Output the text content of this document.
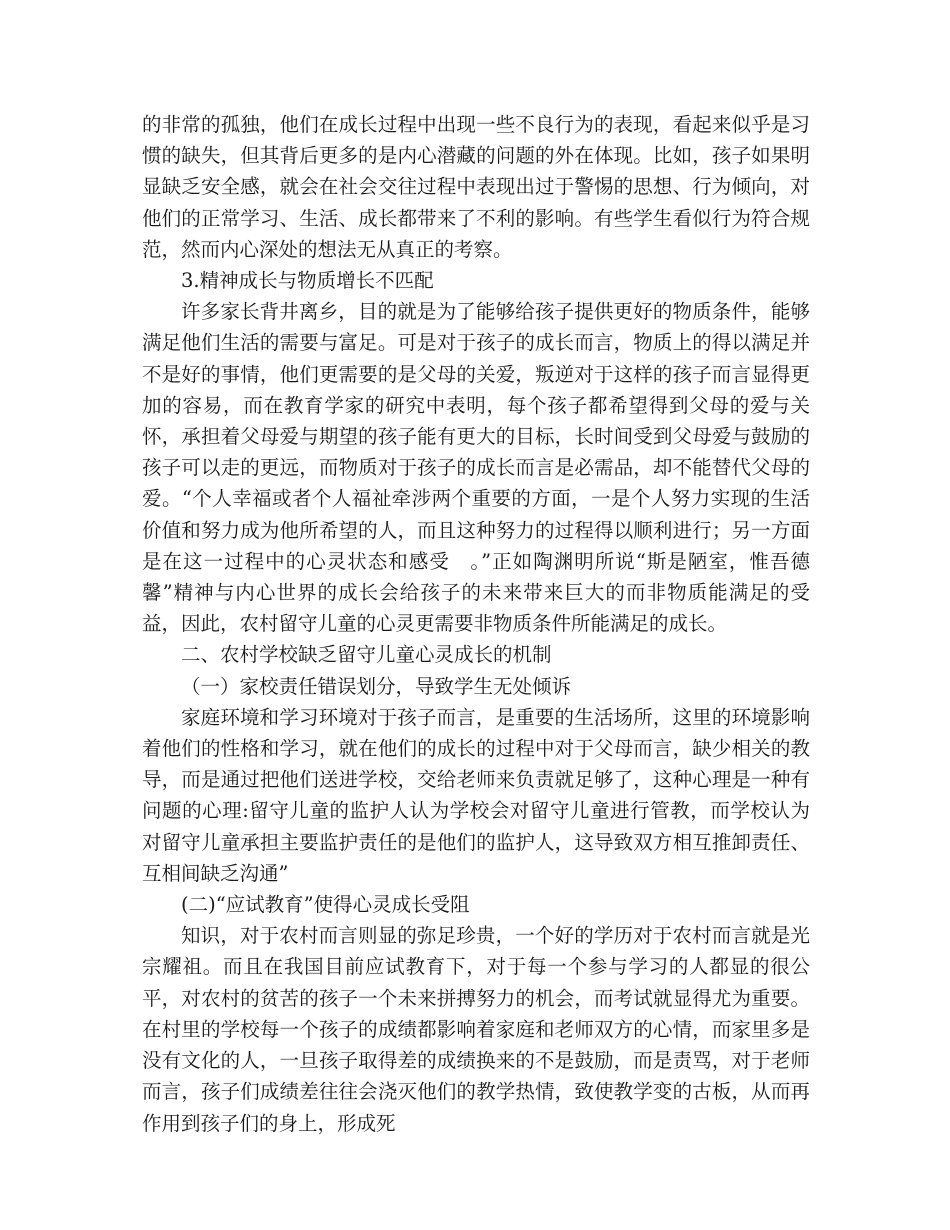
的非常的孤独，他们在成长过程中出现一些不良行为的表现，看起来似乎是习惯的缺失，但其背后更多的是内心潜藏的问题的外在体现。比如，孩子如果明显缺乏安全感，就会在社会交往过程中表现出过于警惕的思想、行为倾向，对他们的正常学习、生活、成长都带来了不利的影响。有些学生看似行为符合规范，然而内心深处的想法无从真正的考察。

3.精神成长与物质增长不匹配

许多家长背井离乡，目的就是为了能够给孩子提供更好的物质条件，能够满足他们生活的需要与富足。可是对于孩子的成长而言，物质上的得以满足并不是好的事情，他们更需要的是父母的关爱，叛逆对于这样的孩子而言显得更加的容易，而在教育学家的研究中表明，每个孩子都希望得到父母的爱与关怀，承担着父母爱与期望的孩子能有更大的目标，长时间受到父母爱与鼓励的孩子可以走的更远，而物质对于孩子的成长而言是必需品，却不能替代父母的爱。“个人幸福或者个人福祉牵涉两个重要的方面，一是个人努力实现的生活价值和努力成为他所希望的人，而且这种努力的过程得以顺利进行；另一方面是在这一过程中的心灵状态和感受　。”正如陶渊明所说“斯是陋室，惟吾德馨”精神与内心世界的成长会给孩子的未来带来巨大的而非物质能满足的受益，因此，农村留守儿童的心灵更需要非物质条件所能满足的成长。

二、农村学校缺乏留守儿童心灵成长的机制

（一）家校责任错误划分，导致学生无处倾诉

家庭环境和学习环境对于孩子而言，是重要的生活场所，这里的环境影响着他们的性格和学习，就在他们的成长的过程中对于父母而言，缺少相关的教导，而是通过把他们送进学校，交给老师来负责就足够了，这种心理是一种有问题的心理:留守儿童的监护人认为学校会对留守儿童进行管教，而学校认为对留守儿童承担主要监护责任的是他们的监护人，这导致双方相互推卸责任、互相间缺乏沟通”

(二)“应试教育”使得心灵成长受阻

知识，对于农村而言则显的弥足珍贵，一个好的学历对于农村而言就是光宗耀祖。而且在我国目前应试教育下，对于每一个参与学习的人都显的很公平，对农村的贫苦的孩子一个未来拼搏努力的机会，而考试就显得尤为重要。在村里的学校每一个孩子的成绩都影响着家庭和老师双方的心情，而家里多是没有文化的人，一旦孩子取得差的成绩换来的不是鼓励，而是责骂，对于老师而言，孩子们成绩差往往会浇灭他们的教学热情，致使教学变的古板，从而再作用到孩子们的身上，形成死
